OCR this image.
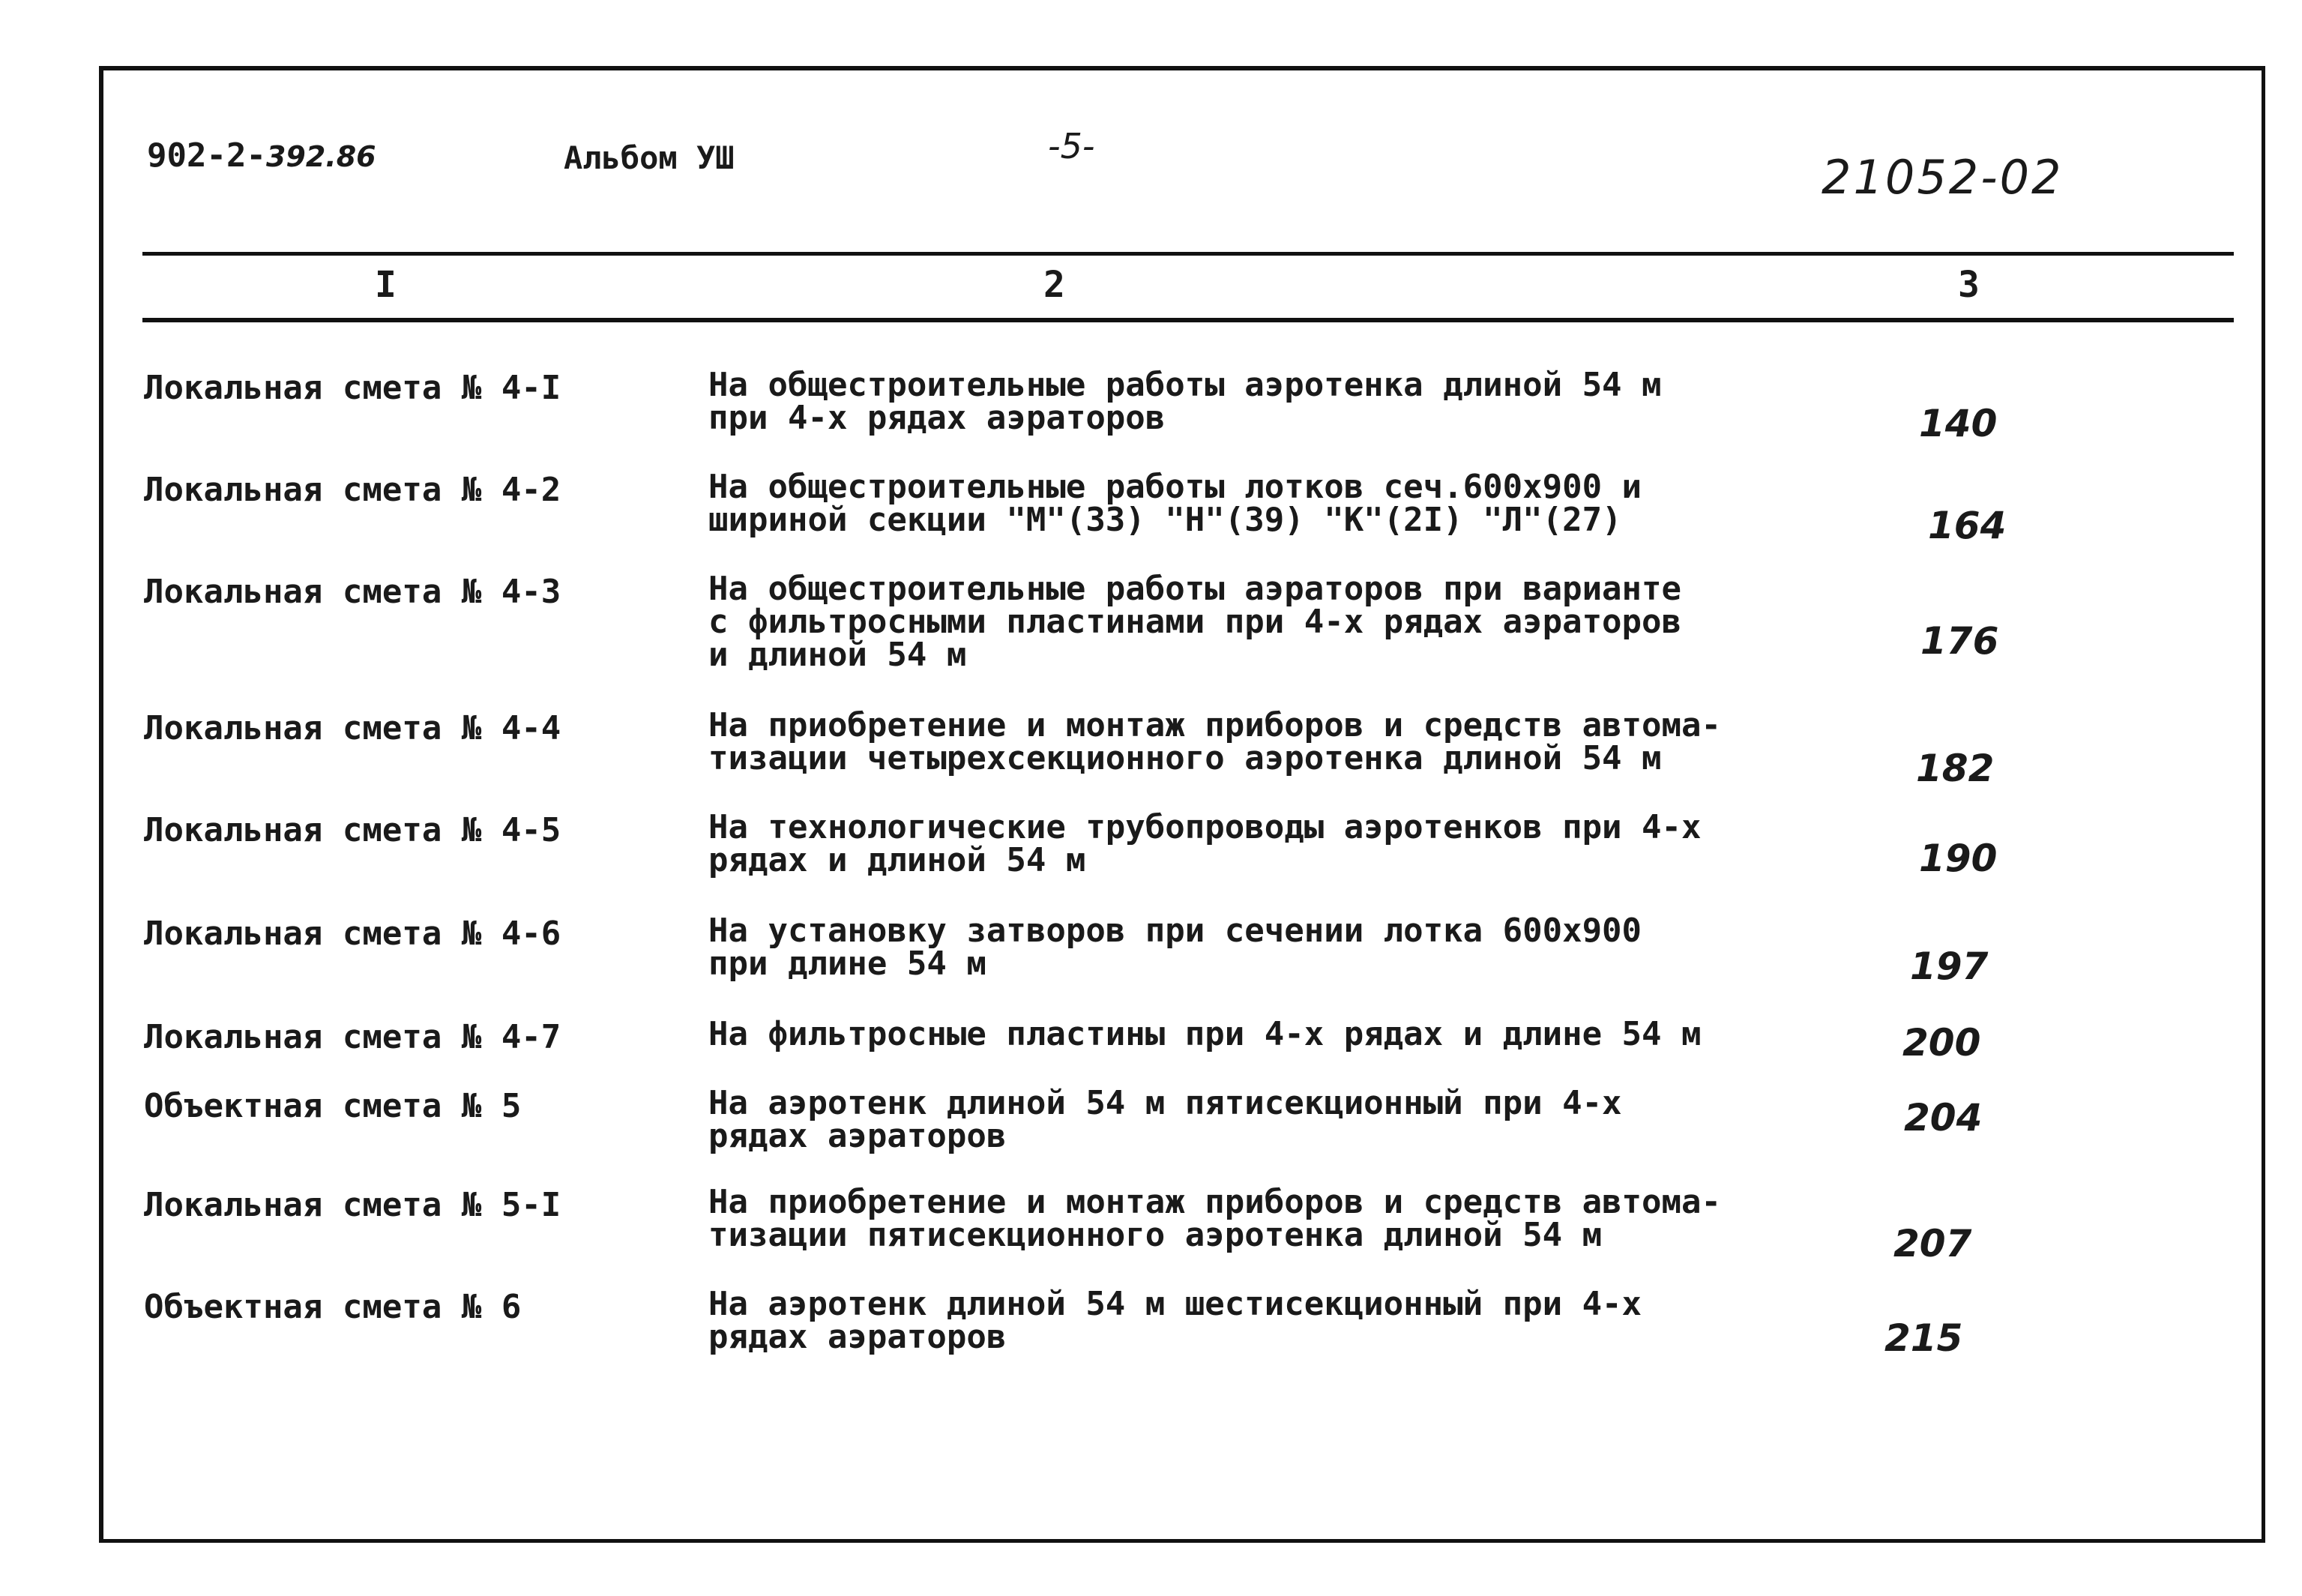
902-2-392.86	Альбом УШ	-5-
21052-02
I	2	3
Локальная смета № 4-I	На общестроительные работы аэротенка длиной 54 м
при 4-х рядах аэраторов	140
Локальная смета № 4-2	На общестроительные работы лотков сеч.600х900 и
шириной секции "М"(33) "Н"(39) "К"(2I) "Л"(27)	164
Локальная смета № 4-3	На общестроительные работы аэраторов при варианте
с фильтросными пластинами при 4-х рядах аэраторов
и длиной 54 м	176
Локальная смета № 4-4	На приобретение и монтаж приборов и средств автома-
тизации четырехсекционного аэротенка длиной 54 м	182
Локальная смета № 4-5	На технологические трубопроводы аэротенков при 4-х
рядах и длиной 54 м	190
Локальная смета № 4-6	На установку затворов при сечении лотка 600х900
при длине 54 м	197
Локальная смета № 4-7	На фильтросные пластины при 4-х рядах и длине 54 м	200
Объектная смета № 5	На аэротенк длиной 54 м пятисекционный при 4-х
рядах аэраторов	204
Локальная смета № 5-I	На приобретение и монтаж приборов и средств автома-
тизации пятисекционного аэротенка длиной 54 м	207
Объектная смета № 6	На аэротенк длиной 54 м шестисекционный при 4-х
рядах аэраторов	215
